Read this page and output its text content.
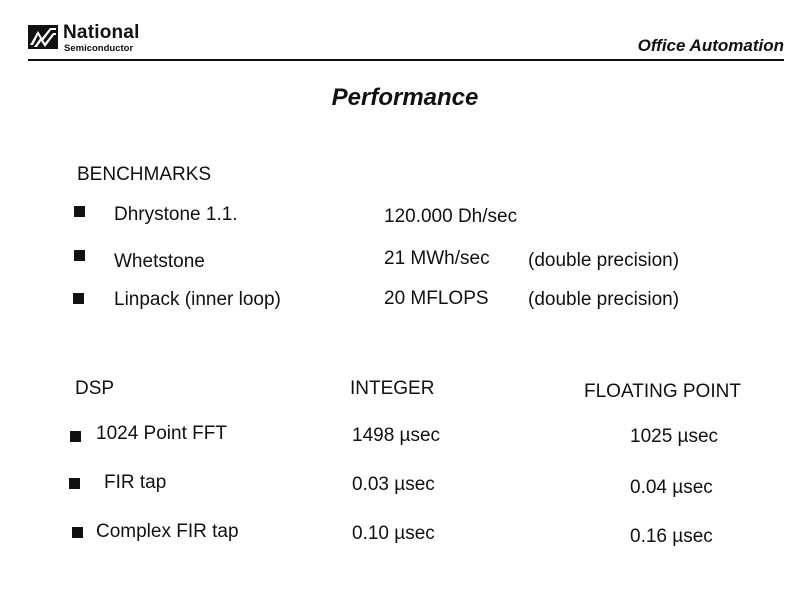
National
Semiconductor	Office Automation
Performance
BENCHMARKS
Dhrystone 1.1.	120.000 Dh/sec
Whetstone	21 MWh/sec (double precision)
Linpack (inner loop)	20 MFLOPS (double precision)
DSP	INTEGER	FLOATING POINT
1024 Point FFT	1498 µsec	1025 µsec
FIR tap	0.03 µsec	0.04 µsec
Complex FIR tap	0.10 µsec	0.16 µsec
